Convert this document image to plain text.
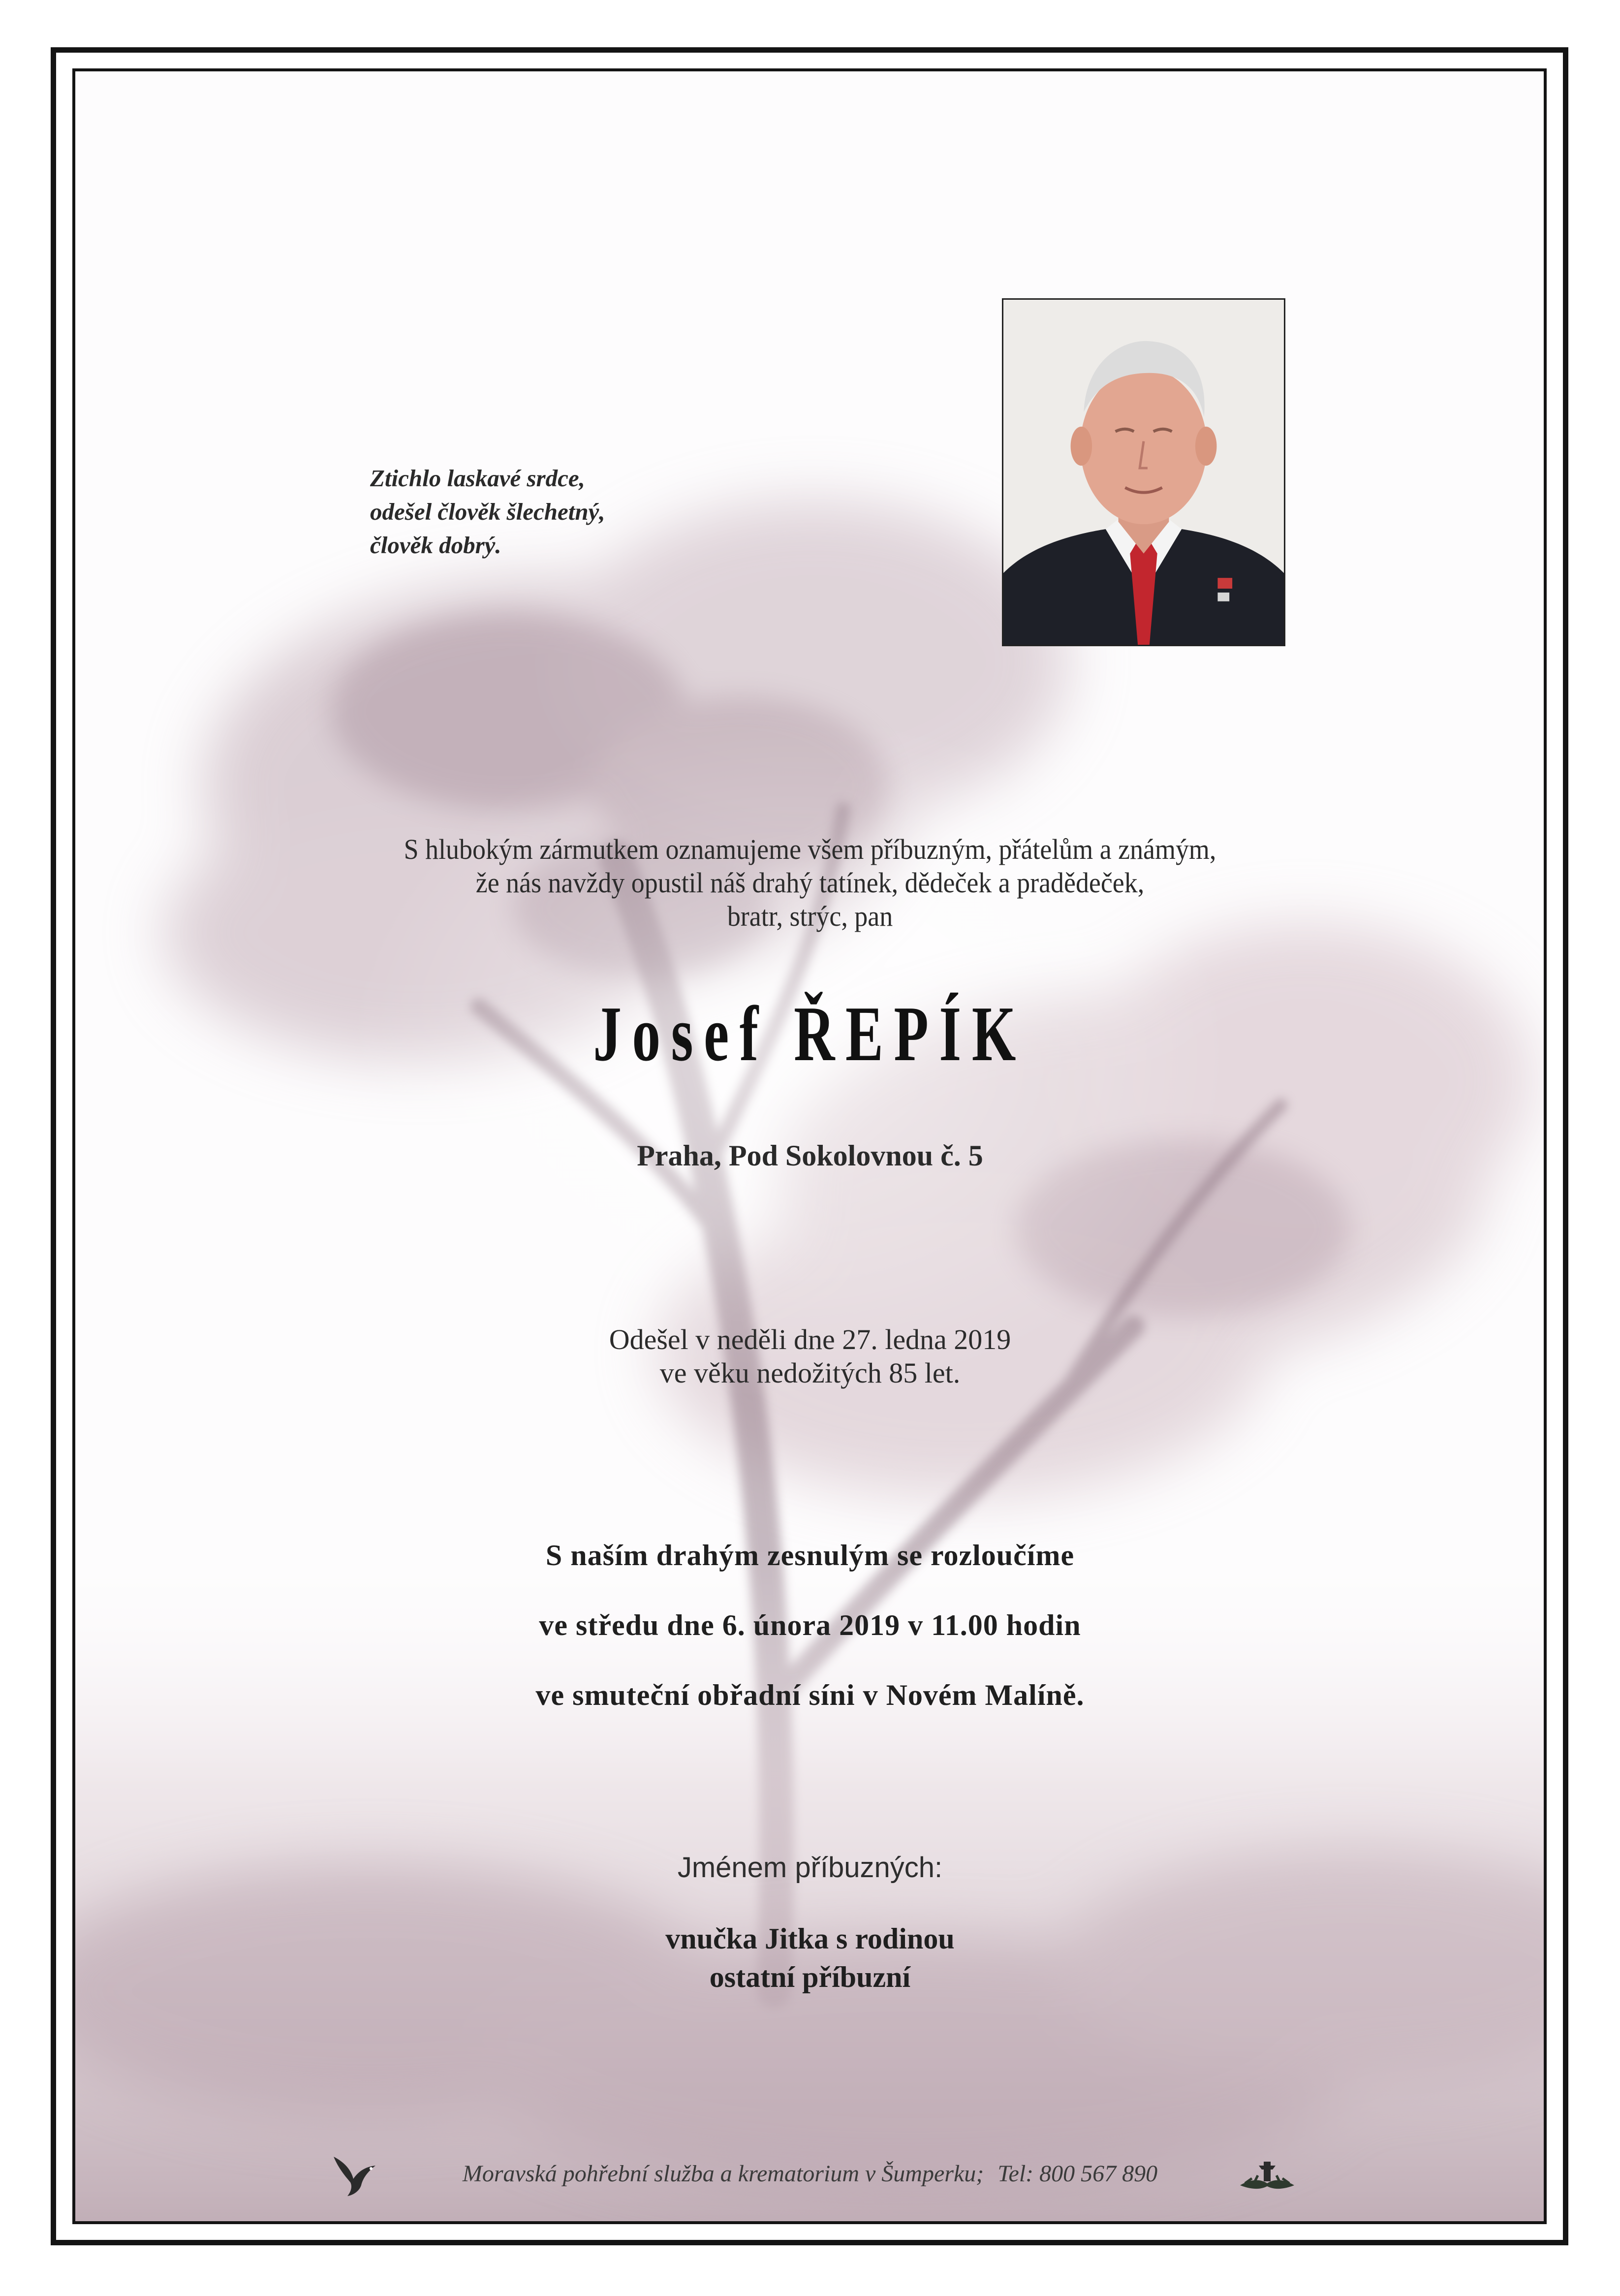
Ztichlo laskavé srdce,
odešel člověk šlechetný,
člověk dobrý.
S hlubokým zármutkem oznamujeme všem příbuzným, přátelům a známým,
že nás navždy opustil náš drahý tatínek, dědeček a pradědeček,
bratr, strýc, pan
Josef ŘEPÍK
Praha, Pod Sokolovnou č. 5
Odešel v neděli dne 27. ledna 2019
ve věku nedožitých 85 let.
S naším drahým zesnulým se rozloučíme
ve středu dne 6. února 2019 v 11.00 hodin
ve smuteční obřadní síni v Novém Malíně.
Jménem příbuzných:
vnučka Jitka s rodinou
ostatní příbuzní
Moravská pohřební služba a krematorium v Šumperku; Tel: 800 567 890
